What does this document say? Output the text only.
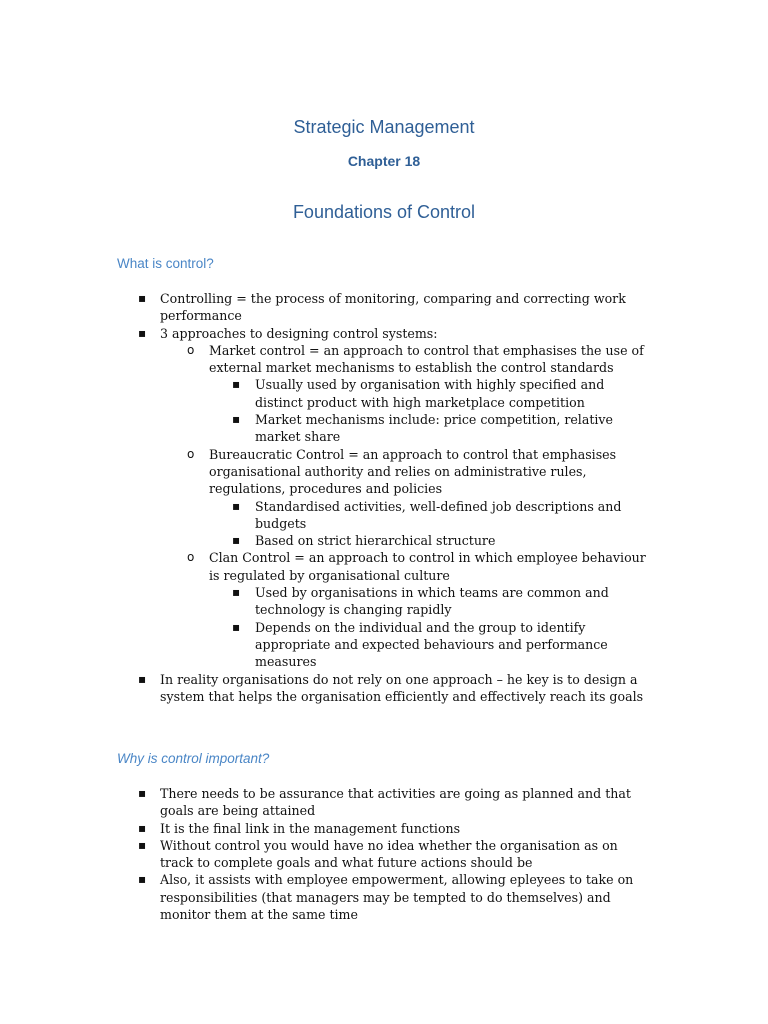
Strategic Management
Chapter 18
Foundations of Control
What is control?
▪ Controlling = the process of monitoring, comparing and correcting work performance
▪ 3 approaches to designing control systems:
o Market control = an approach to control that emphasises the use of external market mechanisms to establish the control standards
▪ Usually used by organisation with highly specified and distinct product with high marketplace competition
▪ Market mechanisms include: price competition, relative market share
o Bureaucratic Control = an approach to control that emphasises organisational authority and relies on administrative rules, regulations, procedures and policies
▪ Standardised activities, well-defined job descriptions and budgets
▪ Based on strict hierarchical structure
o Clan Control = an approach to control in which employee behaviour is regulated by organisational culture
▪ Used by organisations in which teams are common and technology is changing rapidly
▪ Depends on the individual and the group to identify appropriate and expected behaviours and performance measures
▪ In reality organisations do not rely on one approach – he key is to design a system that helps the organisation efficiently and effectively reach its goals
Why is control important?
▪ There needs to be assurance that activities are going as planned and that goals are being attained
▪ It is the final link in the management functions
▪ Without control you would have no idea whether the organisation as on track to complete goals and what future actions should be
▪ Also, it assists with employee empowerment, allowing epleyees to take on responsibilities (that managers may be tempted to do themselves) and monitor them at the same time
